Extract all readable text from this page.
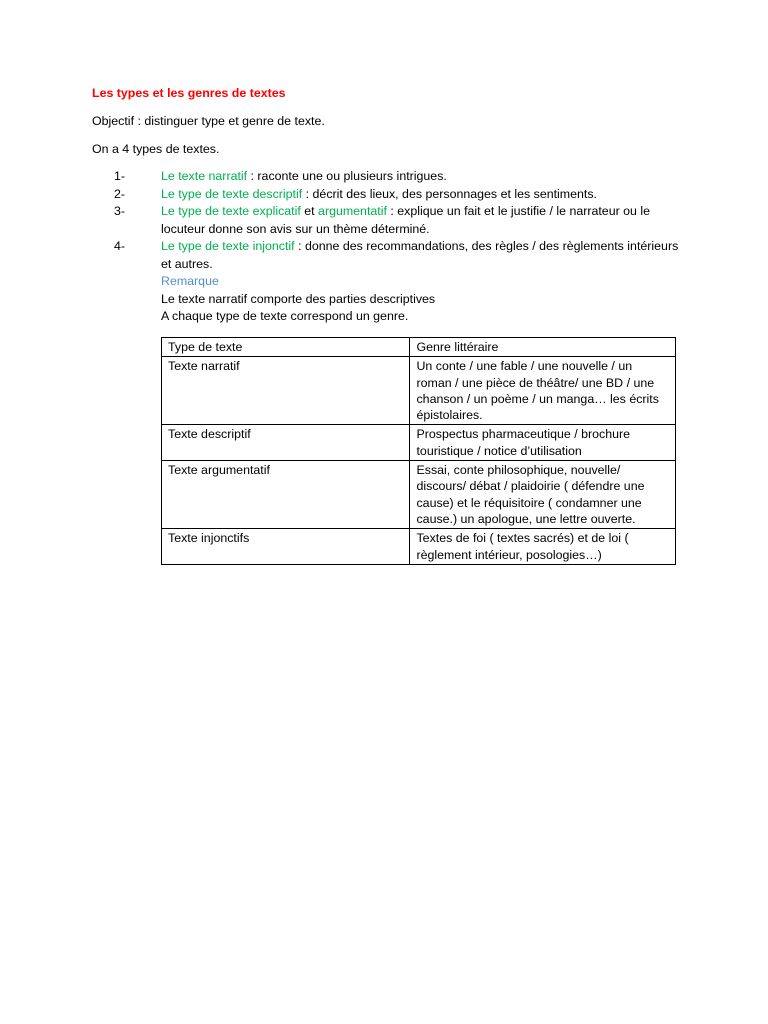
Les types et les genres de textes
Objectif : distinguer type et genre de texte.
On a 4 types de textes.
1-	Le texte narratif : raconte une ou plusieurs intrigues.
2-	Le type de texte descriptif : décrit des lieux, des personnages et les sentiments.
3-	Le type de texte explicatif et argumentatif : explique un fait et le justifie / le narrateur ou le locuteur donne son avis sur un thème déterminé.
4-	Le type de texte injonctif : donne des recommandations, des règles / des règlements intérieurs et autres.
Remarque
Le texte narratif comporte des parties descriptives
A chaque type de texte correspond un genre.
Type de texte	Genre littéraire
Texte narratif	Un conte / une fable / une nouvelle / un roman / une pièce de théâtre/ une BD / une chanson / un poème / un manga… les écrits épistolaires.
Texte descriptif	Prospectus pharmaceutique / brochure touristique / notice d’utilisation
Texte argumentatif	Essai, conte philosophique, nouvelle/ discours/ débat / plaidoirie ( défendre une cause) et le réquisitoire ( condamner une cause.) un apologue, une lettre ouverte.
Texte injonctifs	Textes de foi ( textes sacrés) et de loi ( règlement intérieur, posologies…)
